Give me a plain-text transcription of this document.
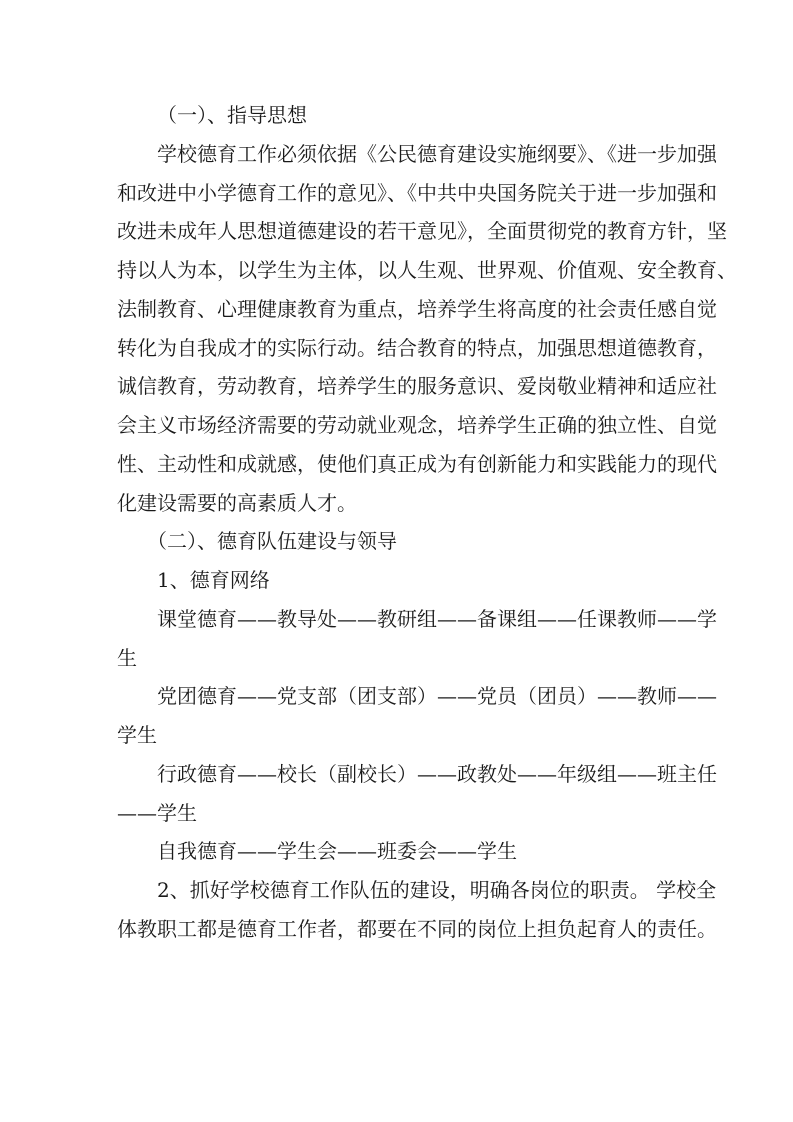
（一）、指导思想
学校德育工作必须依据《公民德育建设实施纲要》、《进一步加强
和改进中小学德育工作的意见》、《中共中央国务院关于进一步加强和
改进未成年人思想道德建设的若干意见》，全面贯彻党的教育方针，坚
持以人为本，以学生为主体，以人生观、世界观、价值观、安全教育、
法制教育、心理健康教育为重点，培养学生将高度的社会责任感自觉
转化为自我成才的实际行动。结合教育的特点，加强思想道德教育，
诚信教育，劳动教育，培养学生的服务意识、爱岗敬业精神和适应社
会主义市场经济需要的劳动就业观念，培养学生正确的独立性、自觉
性、主动性和成就感，使他们真正成为有创新能力和实践能力的现代
化建设需要的高素质人才。
（二）、德育队伍建设与领导
1、德育网络
课堂德育——教导处——教研组——备课组——任课教师——学
生
党团德育——党支部（团支部）——党员（团员）——教师——
学生
行政德育——校长（副校长）——政教处——年级组——班主任
——学生
自我德育——学生会——班委会——学生
2、抓好学校德育工作队伍的建设，明确各岗位的职责。 学校全
体教职工都是德育工作者，都要在不同的岗位上担负起育人的责任。
